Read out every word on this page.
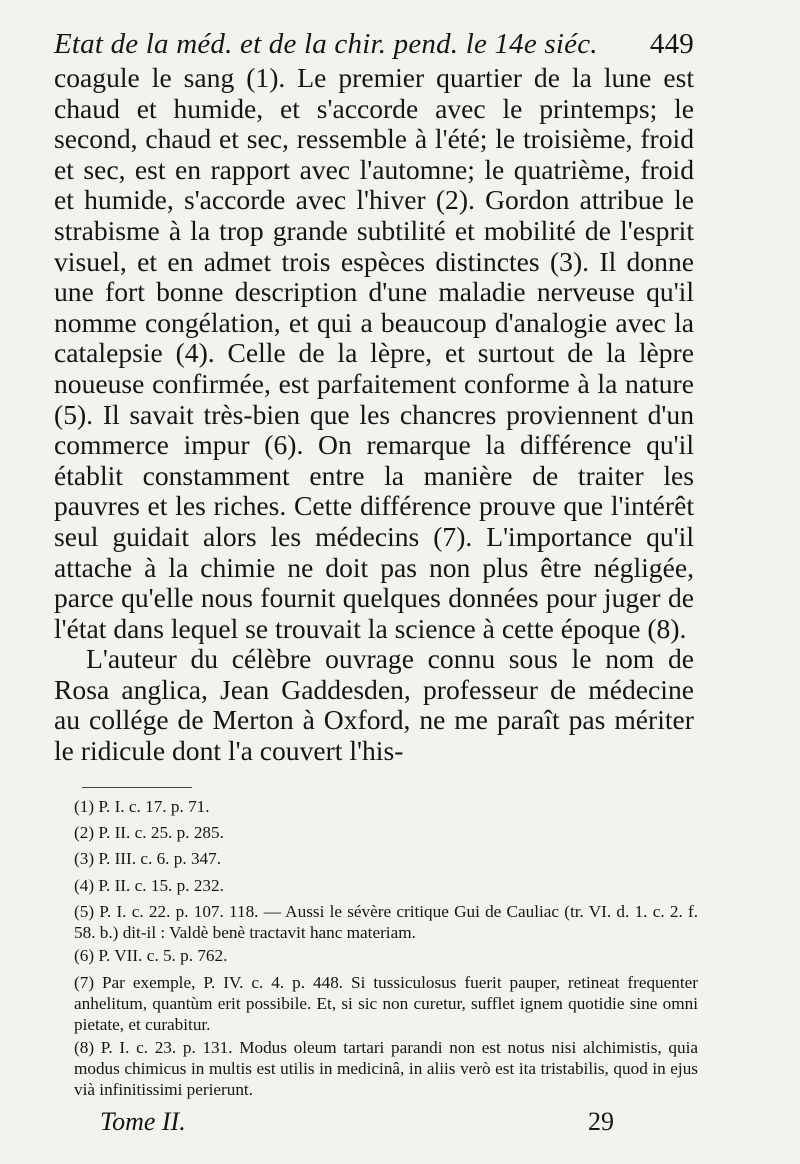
Etat de la méd. et de la chir. pend. le 14e siéc. 449

coagule le sang (1). Le premier quartier de la lune est chaud et humide, et s'accorde avec le printemps; le second, chaud et sec, ressemble à l'été; le troisième, froid et sec, est en rapport avec l'automne; le quatrième, froid et humide, s'accorde avec l'hiver (2). Gordon attribue le strabisme à la trop grande subtilité et mobilité de l'esprit visuel, et en admet trois espèces distinctes (3). Il donne une fort bonne description d'une maladie nerveuse qu'il nomme congélation, et qui a beaucoup d'analogie avec la catalepsie (4). Celle de la lèpre, et surtout de la lèpre noueuse confirmée, est parfaitement conforme à la nature (5). Il savait très-bien que les chancres proviennent d'un commerce impur (6). On remarque la différence qu'il établit constamment entre la manière de traiter les pauvres et les riches. Cette différence prouve que l'intérêt seul guidait alors les médecins (7). L'importance qu'il attache à la chimie ne doit pas non plus être négligée, parce qu'elle nous fournit quelques données pour juger de l'état dans lequel se trouvait la science à cette époque (8).

L'auteur du célèbre ouvrage connu sous le nom de Rosa anglica, Jean Gaddesden, professeur de médecine au collége de Merton à Oxford, ne me paraît pas mériter le ridicule dont l'a couvert l'his-

(1) P. I. c. 17. p. 71.
(2) P. II. c. 25. p. 285.
(3) P. III. c. 6. p. 347.
(4) P. II. c. 15. p. 232.
(5) P. I. c. 22. p. 107. 118. — Aussi le sévère critique Gui de Cauliac (tr. VI. d. 1. c. 2. f. 58. b.) dit-il : Valdè benè tractavit hanc materiam.
(6) P. VII. c. 5. p. 762.
(7) Par exemple, P. IV. c. 4. p. 448. Si tussiculosus fuerit pauper, retineat frequenter anhelitum, quantùm erit possibile. Et, si sic non curetur, sufflet ignem quotidie sine omni pietate, et curabitur.
(8) P. I. c. 23. p. 131. Modus oleum tartari parandi non est notus nisi alchimistis, quia modus chimicus in multis est utilis in medicinâ, in aliis verò est ita tristabilis, quod in ejus vià infinitissimi perierunt.
Tome II.	29
